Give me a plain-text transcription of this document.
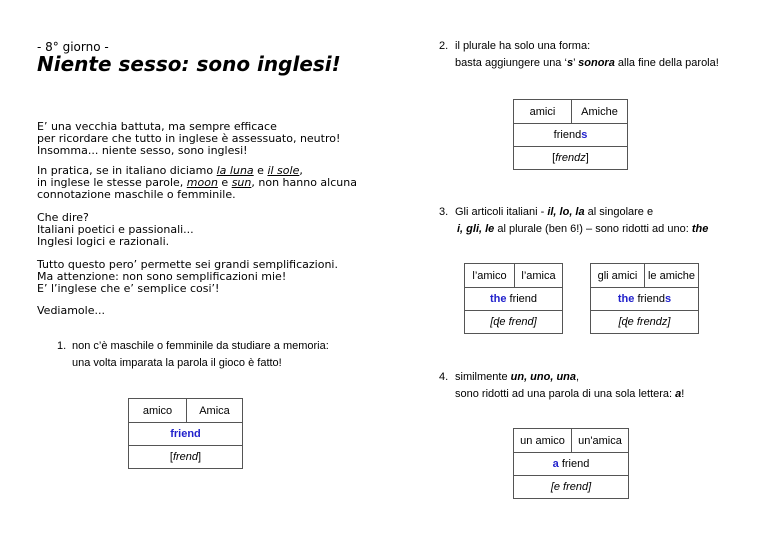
- 8° giorno -
Niente sesso: sono inglesi!
E’ una vecchia battuta, ma sempre efficace
per ricordare che tutto in inglese è assessuato, neutro!
Insomma... niente sesso, sono inglesi!
In pratica, se in italiano diciamo la luna e il sole,
in inglese le stesse parole, moon e sun, non hanno alcuna
connotazione maschile o femminile.
Che dire?
Italiani poetici e passionali...
Inglesi logici e razionali.
Tutto questo pero’ permette sei grandi semplificazioni.
Ma attenzione: non sono semplificazioni mie!
E’ l’inglese che e’ semplice cosi’!
Vediamole...
1. non c’è maschile o femminile da studiare a memoria:
una volta imparata la parola il gioco è fatto!
amico	Amica
friend
[frend]
2. il plurale ha solo una forma:
basta aggiungere una ‘s’ sonora alla fine della parola!
amici	Amiche
friends
[frendz]
3. Gli articoli italiani - il, lo, la al singolare e
i, gli, le al plurale (ben 6!) – sono ridotti ad uno: the
l’amico	l’amica
the friend
[ɖe frend]
gli amici	le amiche
the friends
[ɖe frendz]
4. similmente un, uno, una,
sono ridotti ad una parola di una sola lettera: a!
un amico	un'amica
a friend
[e frend]
